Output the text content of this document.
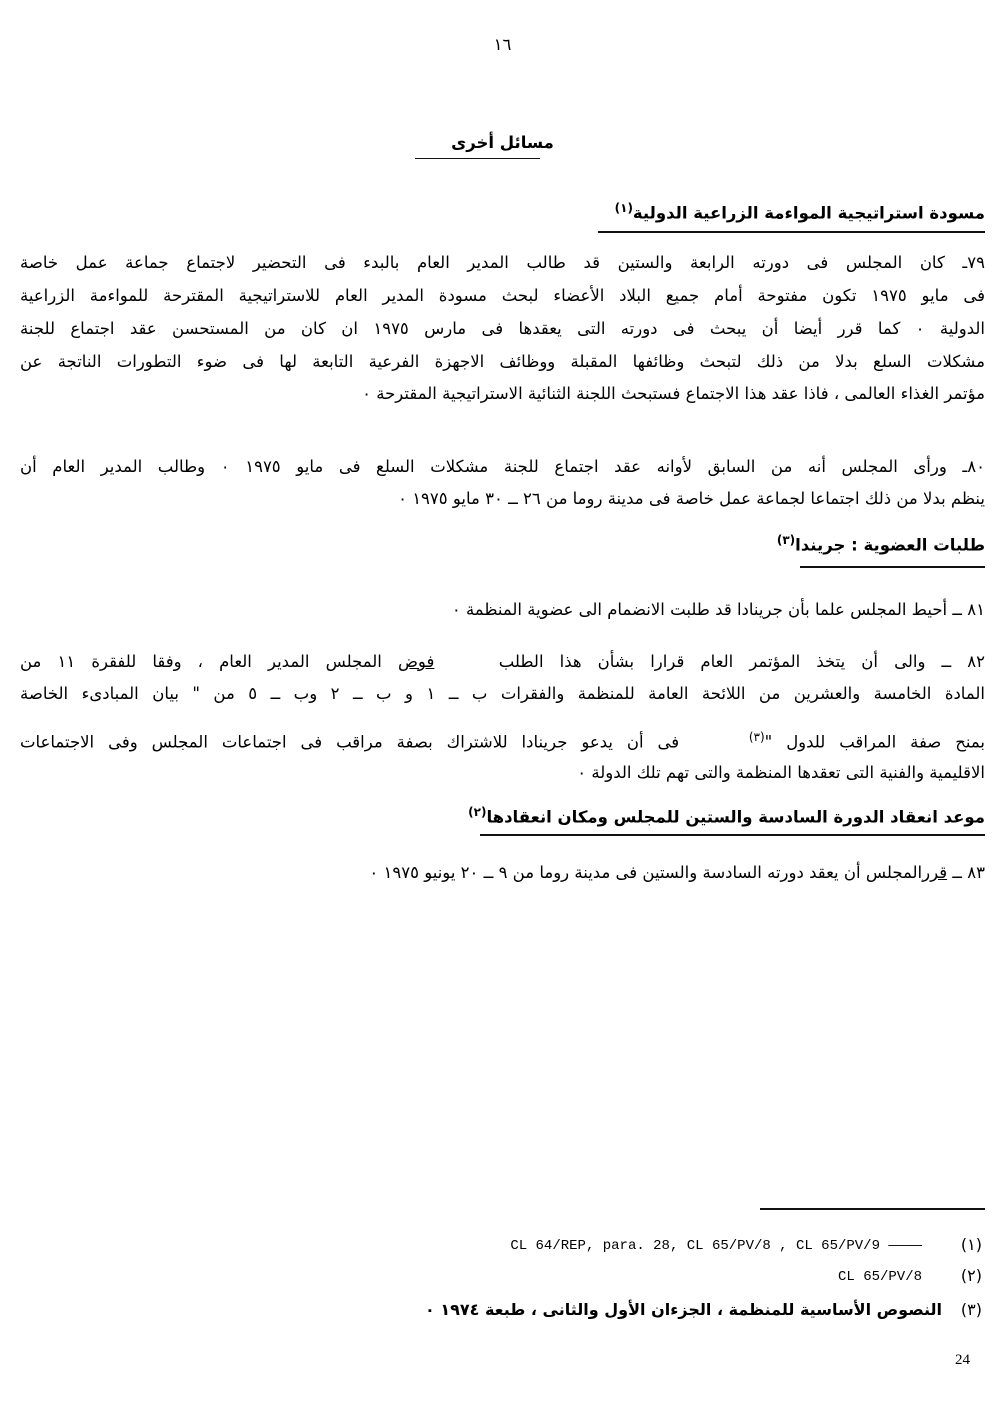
١٦
مسائل أخرى
مسودة استراتيجية المواءمة الزراعية الدولية$^{(١)}$
٧٩ـ كان المجلس فى دورته الرابعة والستين قد طالب المدير العام بالبدء فى التحضير لاجتماع جماعة عمل خاصة
فى مايو ١٩٧٥ تكون مفتوحة أمام جميع البلاد الأعضاء لبحث مسودة المدير العام للاستراتيجية المقترحة للمواءمة الزراعية
الدولية ٠ كما قرر أيضا أن يبحث فى دورته التى يعقدها فى مارس ١٩٧٥ ان كان من المستحسن عقد اجتماع للجنة
مشكلات السلع بدلا من ذلك لتبحث وظائفها المقبلة ووظائف الاجهزة الفرعية التابعة لها فى ضوء التطورات الناتجة عن
مؤتمر الغذاء العالمى ، فاذا عقد هذا الاجتماع فستبحث اللجنة الثنائية الاستراتيجية المقترحة ٠
٨٠ـ ورأى المجلس أنه من السابق لأوانه عقد اجتماع للجنة مشكلات السلع فى مايو ١٩٧٥ ٠ وطالب المدير العام أن
ينظم بدلا من ذلك اجتماعا لجماعة عمل خاصة فى مدينة روما من ٢٦ ــ ٣٠ مايو ١٩٧٥ ٠
طلبات العضوية : جريندا$^{(٣)}$
٨١ ــ أحيط المجلس علما بأن جرينادا قد طلبت الانضمام الى عضوية المنظمة ٠
٨٢ ــ والى أن يتخذ المؤتمر العام قرارا بشأن هذا الطلب    فوض المجلس المدير العام ، وفقا للفقرة ١١ من
المادة الخامسة والعشرين من اللائحة العامة للمنظمة والفقرات ب ــ ١ و ب ــ ٢ وب ــ ٥ من " بيان المبادىء الخاصة
بمنح صفة المراقب للدول "$^{(٣)}$     فى أن يدعو جرينادا للاشتراك بصفة مراقب فى اجتماعات المجلس وفى الاجتماعات
الاقليمية والفنية التى تعقدها المنظمة والتى تهم تلك الدولة ٠
موعد انعقاد الدورة السادسة والستين للمجلس ومكان انعقادها$^{(٢)}$
٨٣ ــ قررالمجلس أن يعقد دورته السادسة والستين فى مدينة روما من ٩ ــ ٢٠ يونيو ١٩٧٥ ٠
(١)
CL 64/REP, para. 28, CL 65/PV/8 , CL 65/PV/9 ————
(٢)
CL 65/PV/8
(٣)
النصوص الأساسية للمنظمة ، الجزءان الأول والثانى ، طبعة ١٩٧٤ ٠
24
